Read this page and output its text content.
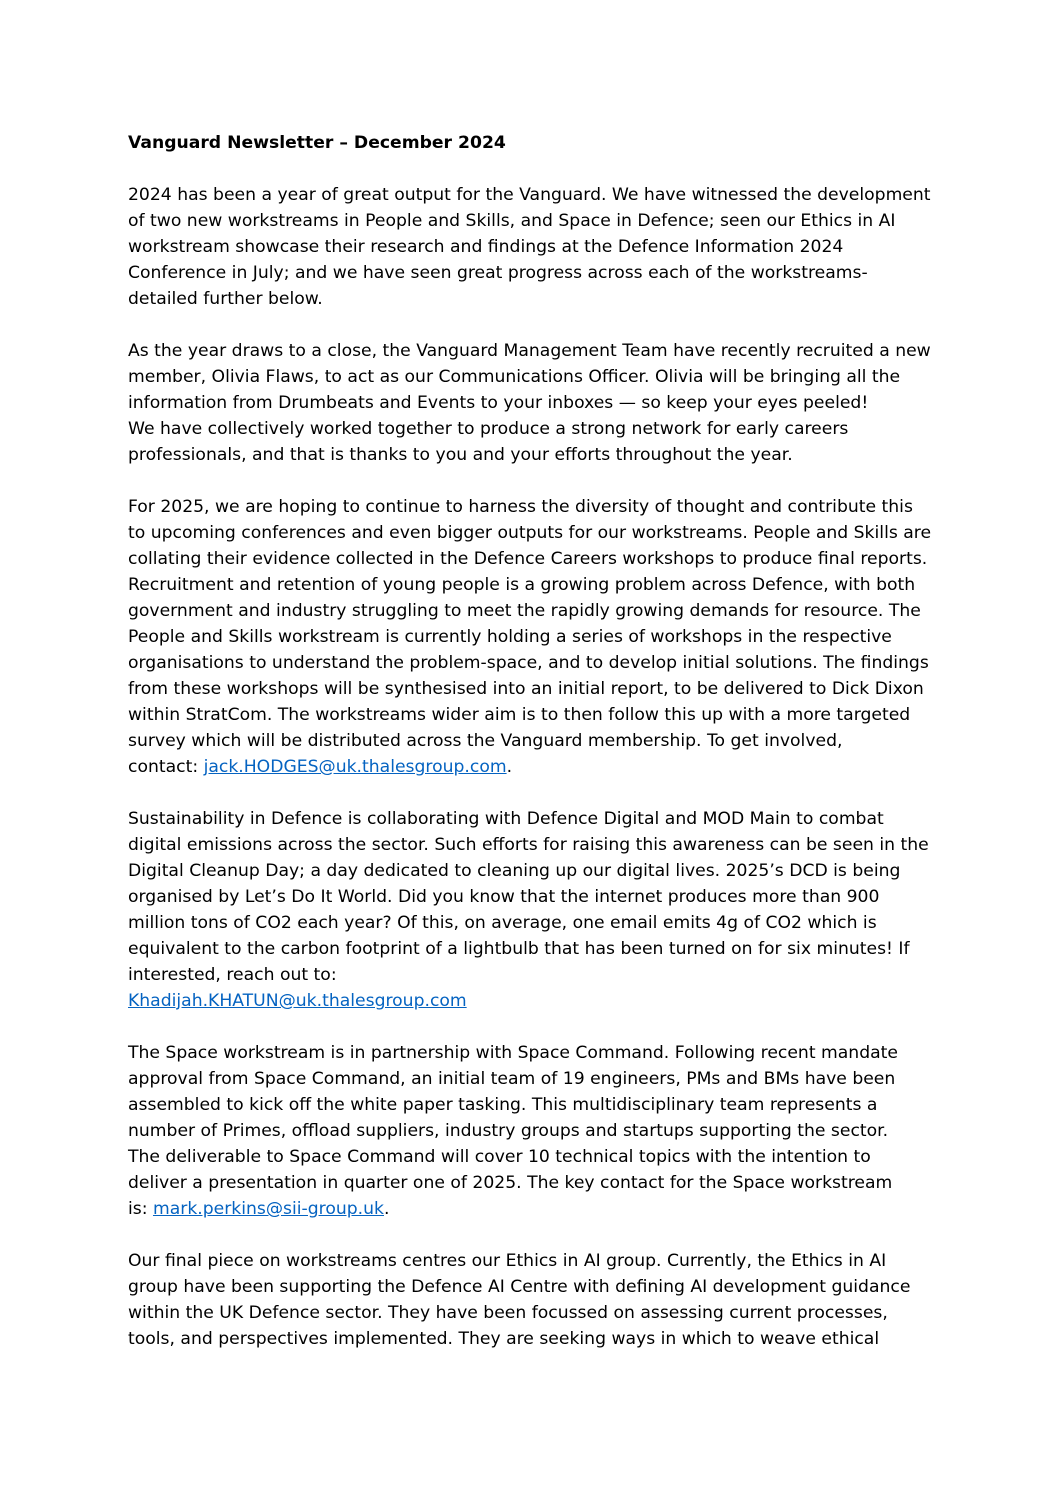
Vanguard Newsletter – December 2024
2024 has been a year of great output for the Vanguard. We have witnessed the development
of two new workstreams in People and Skills, and Space in Defence; seen our Ethics in AI
workstream showcase their research and findings at the Defence Information 2024
Conference in July; and we have seen great progress across each of the workstreams-
detailed further below.
As the year draws to a close, the Vanguard Management Team have recently recruited a new
member, Olivia Flaws, to act as our Communications Officer. Olivia will be bringing all the
information from Drumbeats and Events to your inboxes — so keep your eyes peeled!
We have collectively worked together to produce a strong network for early careers
professionals, and that is thanks to you and your efforts throughout the year.
For 2025, we are hoping to continue to harness the diversity of thought and contribute this
to upcoming conferences and even bigger outputs for our workstreams. People and Skills are
collating their evidence collected in the Defence Careers workshops to produce final reports.
Recruitment and retention of young people is a growing problem across Defence, with both
government and industry struggling to meet the rapidly growing demands for resource. The
People and Skills workstream is currently holding a series of workshops in the respective
organisations to understand the problem-space, and to develop initial solutions. The findings
from these workshops will be synthesised into an initial report, to be delivered to Dick Dixon
within StratCom. The workstreams wider aim is to then follow this up with a more targeted
survey which will be distributed across the Vanguard membership. To get involved,
contact: jack.HODGES@uk.thalesgroup.com.
Sustainability in Defence is collaborating with Defence Digital and MOD Main to combat
digital emissions across the sector. Such efforts for raising this awareness can be seen in the
Digital Cleanup Day; a day dedicated to cleaning up our digital lives. 2025’s DCD is being
organised by Let’s Do It World. Did you know that the internet produces more than 900
million tons of CO2 each year? Of this, on average, one email emits 4g of CO2 which is
equivalent to the carbon footprint of a lightbulb that has been turned on for six minutes! If
interested, reach out to:
Khadijah.KHATUN@uk.thalesgroup.com
The Space workstream is in partnership with Space Command. Following recent mandate
approval from Space Command, an initial team of 19 engineers, PMs and BMs have been
assembled to kick off the white paper tasking. This multidisciplinary team represents a
number of Primes, offload suppliers, industry groups and startups supporting the sector.
The deliverable to Space Command will cover 10 technical topics with the intention to
deliver a presentation in quarter one of 2025. The key contact for the Space workstream
is: mark.perkins@sii-group.uk.
Our final piece on workstreams centres our Ethics in AI group. Currently, the Ethics in AI
group have been supporting the Defence AI Centre with defining AI development guidance
within the UK Defence sector. They have been focussed on assessing current processes,
tools, and perspectives implemented. They are seeking ways in which to weave ethical
